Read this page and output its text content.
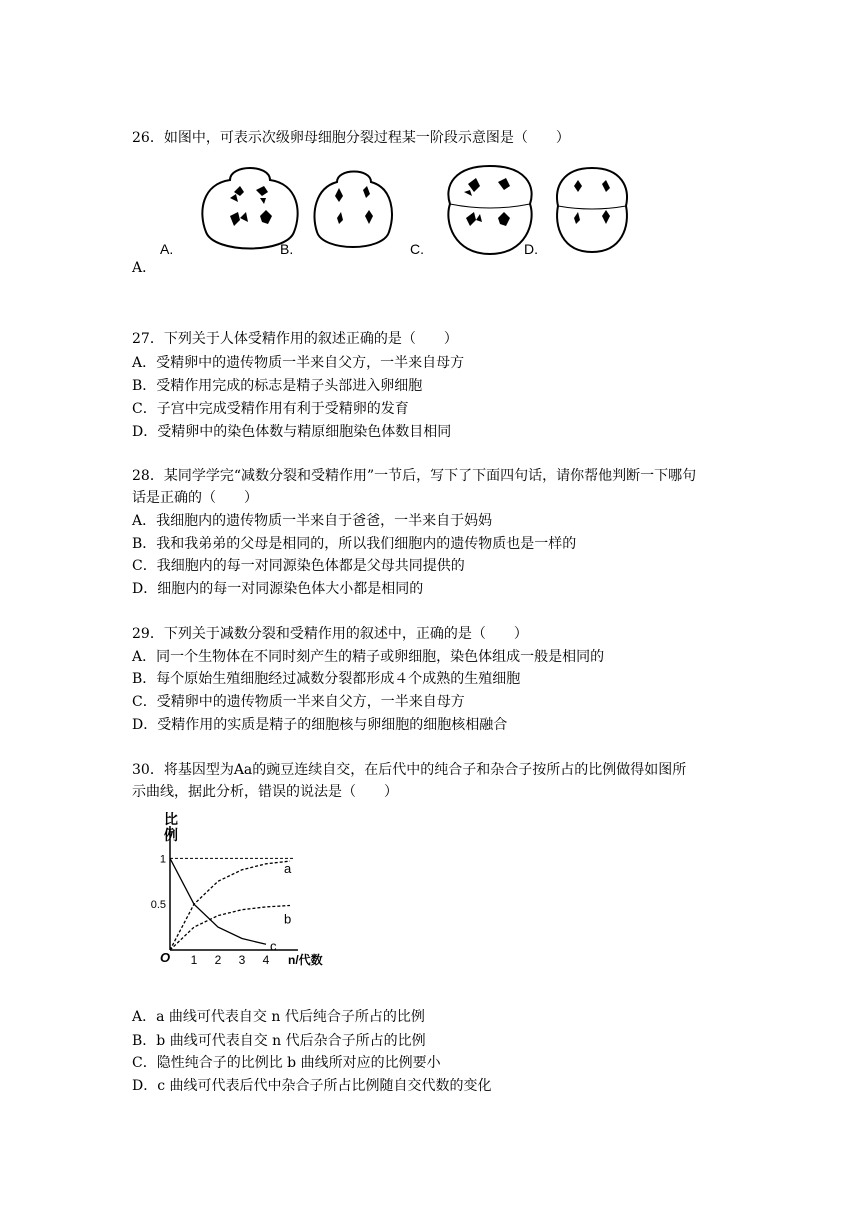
26．如图中，可表示次级卵母细胞分裂过程某一阶段示意图是（　　）
A.	B.	C.	D.
A．
27．下列关于人体受精作用的叙述正确的是（　　）
A．受精卵中的遗传物质一半来自父方，一半来自母方
B．受精作用完成的标志是精子头部进入卵细胞
C．子宫中完成受精作用有利于受精卵的发育
D．受精卵中的染色体数与精原细胞染色体数目相同
28．某同学学完“减数分裂和受精作用”一节后，写下了下面四句话，请你帮他判断一下哪句
话是正确的（　　）
A．我细胞内的遗传物质一半来自于爸爸，一半来自于妈妈
B．我和我弟弟的父母是相同的，所以我们细胞内的遗传物质也是一样的
C．我细胞内的每一对同源染色体都是父母共同提供的
D．细胞内的每一对同源染色体大小都是相同的
29．下列关于减数分裂和受精作用的叙述中，正确的是（　　）
A．同一个生物体在不同时刻产生的精子或卵细胞，染色体组成一般是相同的
B．每个原始生殖细胞经过减数分裂都形成４个成熟的生殖细胞
C．受精卵中的遗传物质一半来自父方，一半来自母方
D．受精作用的实质是精子的细胞核与卵细胞的细胞核相融合
30．将基因型为Aa的豌豆连续自交，在后代中的纯合子和杂合子按所占的比例做得如图所
示曲线，据此分析，错误的说法是（　　）
比
例
0.5
1
1 2 3 4
O	n/代数
a
b
c
A．a 曲线可代表自交 n 代后纯合子所占的比例
B．b 曲线可代表自交 n 代后杂合子所占的比例
C．隐性纯合子的比例比 b 曲线所对应的比例要小
D．c 曲线可代表后代中杂合子所占比例随自交代数的变化
